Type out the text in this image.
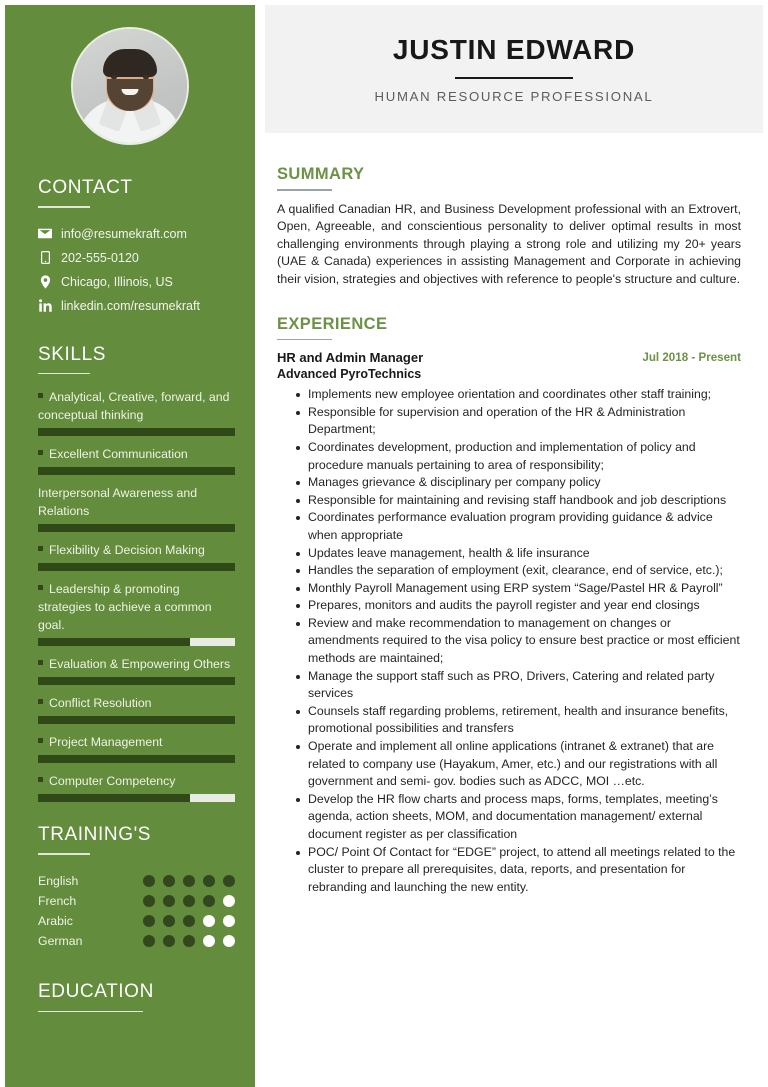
CONTACT
info@resumekraft.com
202-555-0120
Chicago, Illinois, US
linkedin.com/resumekraft
SKILLS
Analytical, Creative, forward, and conceptual thinking
Excellent Communication
Interpersonal Awareness and Relations
Flexibility & Decision Making
Leadership & promoting strategies to achieve a common goal.
Evaluation & Empowering Others
Conflict Resolution
Project Management
Computer Competency
TRAINING'S
English
French
Arabic
German
EDUCATION
JUSTIN EDWARD
HUMAN RESOURCE PROFESSIONAL
SUMMARY

A qualified Canadian HR, and Business Development professional with an Extrovert, Open, Agreeable, and conscientious personality to deliver optimal results in most challenging environments through playing a strong role and utilizing my 20+ years (UAE & Canada) experiences in assisting Management and Corporate in achieving their vision, strategies and objectives with reference to people's structure and culture.

EXPERIENCE
HR and Admin Manager
Advanced PyroTechnics
Jul 2018 - Present
Implements new employee orientation and coordinates other staff training;
Responsible for supervision and operation of the HR & Administration Department;
Coordinates development, production and implementation of policy and procedure manuals pertaining to area of responsibility;
Manages grievance & disciplinary per company policy
Responsible for maintaining and revising staff handbook and job descriptions
Coordinates performance evaluation program providing guidance & advice when appropriate
Updates leave management, health & life insurance
Handles the separation of employment (exit, clearance, end of service, etc.);
Monthly Payroll Management using ERP system “Sage/Pastel HR & Payroll”
Prepares, monitors and audits the payroll register and year end closings
Review and make recommendation to management on changes or amendments required to the visa policy to ensure best practice or most efficient methods are maintained;
Manage the support staff such as PRO, Drivers, Catering and related party services
Counsels staff regarding problems, retirement, health and insurance benefits, promotional possibilities and transfers
Operate and implement all online applications (intranet & extranet) that are related to company use (Hayakum, Amer, etc.) and our registrations with all government and semi- gov. bodies such as ADCC, MOI …etc.
Develop the HR flow charts and process maps, forms, templates, meeting’s agenda, action sheets, MOM, and documentation management/ external document register as per classification
POC/ Point Of Contact for “EDGE” project, to attend all meetings related to the cluster to prepare all prerequisites, data, reports, and presentation for rebranding and launching the new entity.
